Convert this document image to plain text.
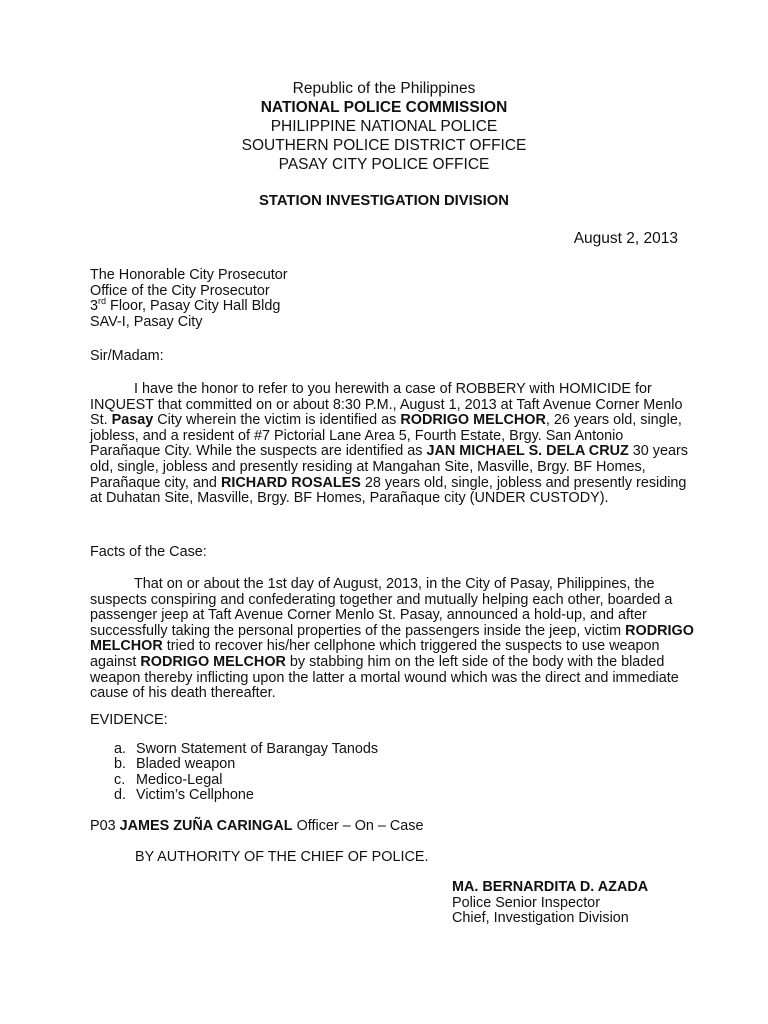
Republic of the Philippines
NATIONAL POLICE COMMISSION
PHILIPPINE NATIONAL POLICE
SOUTHERN POLICE DISTRICT OFFICE
PASAY CITY POLICE OFFICE
STATION INVESTIGATION DIVISION
August 2, 2013
The Honorable City Prosecutor
Office of the City Prosecutor
3rd Floor, Pasay City Hall Bldg
SAV-I, Pasay City
Sir/Madam:
I have the honor to refer to you herewith a case of ROBBERY with HOMICIDE for INQUEST that committed on or about 8:30 P.M., August 1, 2013 at Taft Avenue Corner Menlo St. Pasay City wherein the victim is identified as RODRIGO MELCHOR, 26 years old, single, jobless, and a resident of #7 Pictorial Lane Area 5, Fourth Estate, Brgy. San Antonio Parañaque City. While the suspects are identified as JAN MICHAEL S. DELA CRUZ 30 years old, single, jobless and presently residing at Mangahan Site, Masville, Brgy. BF Homes, Parañaque city, and RICHARD ROSALES 28 years old, single, jobless and presently residing at Duhatan Site, Masville, Brgy. BF Homes, Parañaque city (UNDER CUSTODY).
Facts of the Case:
That on or about the 1st day of August, 2013, in the City of Pasay, Philippines, the suspects conspiring and confederating together and mutually helping each other, boarded a passenger jeep at Taft Avenue Corner Menlo St. Pasay, announced a hold-up, and after successfully taking the personal properties of the passengers inside the jeep, victim RODRIGO MELCHOR tried to recover his/her cellphone which triggered the suspects to use weapon against RODRIGO MELCHOR by stabbing him on the left side of the body with the bladed weapon thereby inflicting upon the latter a mortal wound which was the direct and immediate cause of his death thereafter.
EVIDENCE:
a. Sworn Statement of Barangay Tanods
b. Bladed weapon
c. Medico-Legal
d. Victim’s Cellphone
P03 JAMES ZUÑA CARINGAL Officer – On – Case
BY AUTHORITY OF THE CHIEF OF POLICE.
MA. BERNARDITA D. AZADA
Police Senior Inspector
Chief, Investigation Division
